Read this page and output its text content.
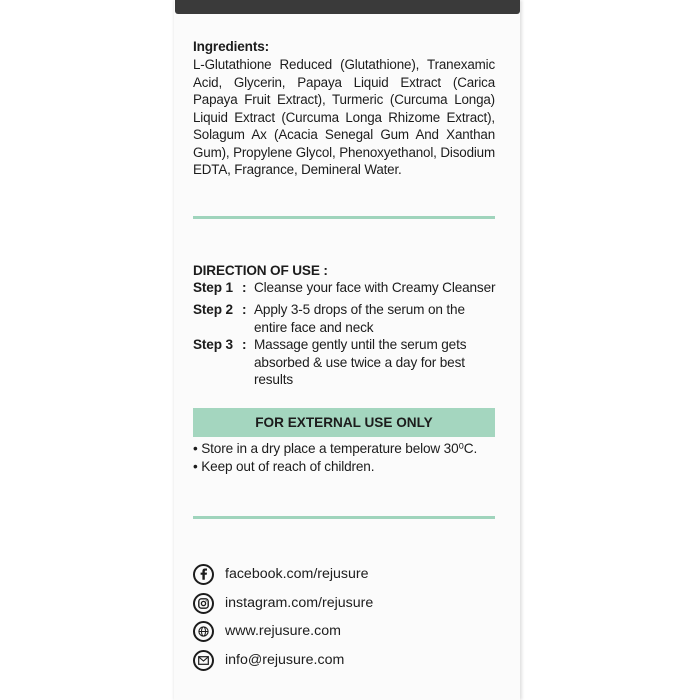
Ingredients:
L-Glutathione Reduced (Glutathione), Tranexamic Acid, Glycerin, Papaya Liquid Extract (Carica Papaya Fruit Extract), Turmeric (Curcuma Longa) Liquid Extract (Curcuma Longa Rhizome Extract), Solagum Ax (Acacia Senegal Gum And Xanthan Gum), Propylene Glycol, Phenoxyethanol, Disodium EDTA, Fragrance, Demineral Water.
DIRECTION OF USE :
Step 1 : Cleanse your face with Creamy Cleanser
Step 2 : Apply 3-5 drops of the serum on the entire face and neck
Step 3 : Massage gently until the serum gets absorbed & use twice a day for best results
FOR EXTERNAL USE ONLY
• Store in a dry place a temperature below 30⁰C.
• Keep out of reach of children.
facebook.com/rejusure
instagram.com/rejusure
www.rejusure.com
info@rejusure.com
